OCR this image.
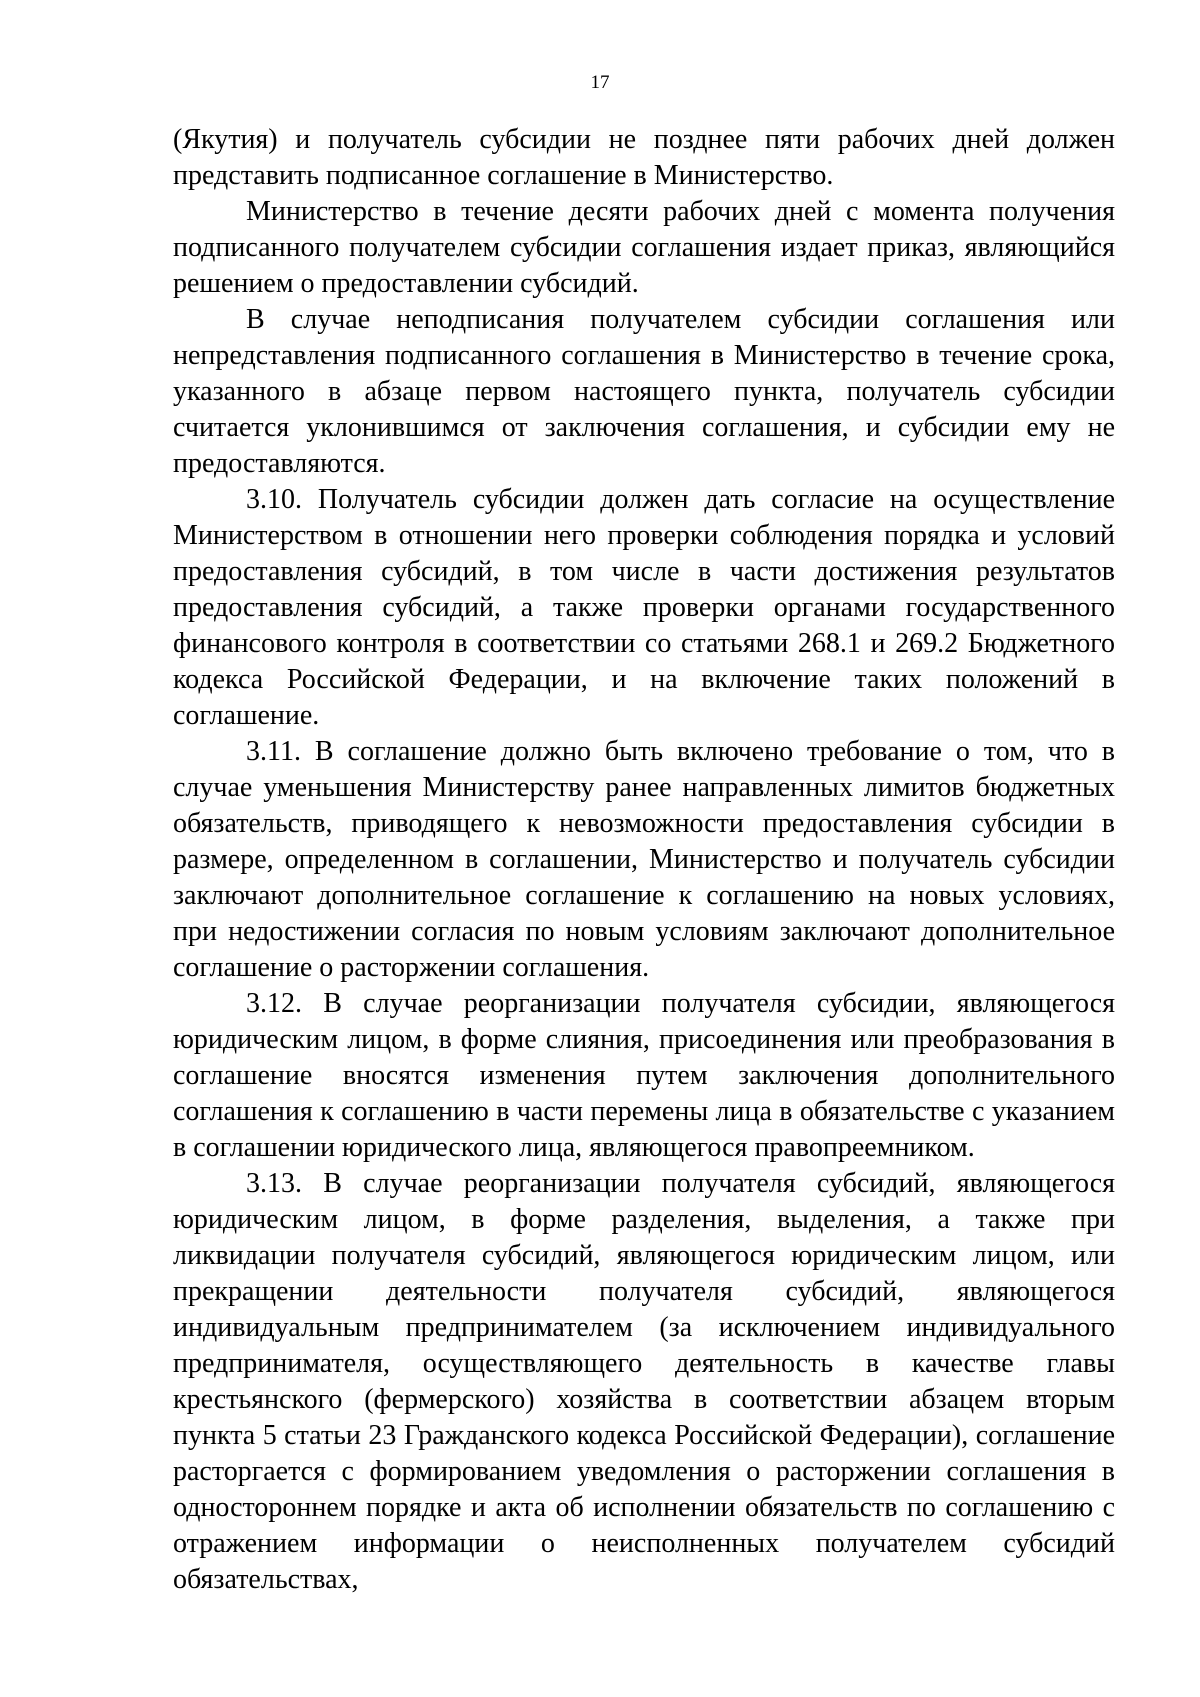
17

(Якутия) и получатель субсидии не позднее пяти рабочих дней должен представить подписанное соглашение в Министерство.

Министерство в течение десяти рабочих дней с момента получения подписанного получателем субсидии соглашения издает приказ, являющийся решением о предоставлении субсидий.

В случае неподписания получателем субсидии соглашения или непредставления подписанного соглашения в Министерство в течение срока, указанного в абзаце первом настоящего пункта, получатель субсидии считается уклонившимся от заключения соглашения, и субсидии ему не предоставляются.

3.10. Получатель субсидии должен дать согласие на осуществление Министерством в отношении него проверки соблюдения порядка и условий предоставления субсидий, в том числе в части достижения результатов предоставления субсидий, а также проверки органами государственного финансового контроля в соответствии со статьями 268.1 и 269.2 Бюджетного кодекса Российской Федерации, и на включение таких положений в соглашение.

3.11. В соглашение должно быть включено требование о том, что в случае уменьшения Министерству ранее направленных лимитов бюджетных обязательств, приводящего к невозможности предоставления субсидии в размере, определенном в соглашении, Министерство и получатель субсидии заключают дополнительное соглашение к соглашению на новых условиях, при недостижении согласия по новым условиям заключают дополнительное соглашение о расторжении соглашения.

3.12. В случае реорганизации получателя субсидии, являющегося юридическим лицом, в форме слияния, присоединения или преобразования в соглашение вносятся изменения путем заключения дополнительного соглашения к соглашению в части перемены лица в обязательстве с указанием в соглашении юридического лица, являющегося правопреемником.

3.13. В случае реорганизации получателя субсидий, являющегося юридическим лицом, в форме разделения, выделения, а также при ликвидации получателя субсидий, являющегося юридическим лицом, или прекращении деятельности получателя субсидий, являющегося индивидуальным предпринимателем (за исключением индивидуального предпринимателя, осуществляющего деятельность в качестве главы крестьянского (фермерского) хозяйства в соответствии абзацем вторым пункта 5 статьи 23 Гражданского кодекса Российской Федерации), соглашение расторгается с формированием уведомления о расторжении соглашения в одностороннем порядке и акта об исполнении обязательств по соглашению с отражением информации о неисполненных получателем субсидий обязательствах,
